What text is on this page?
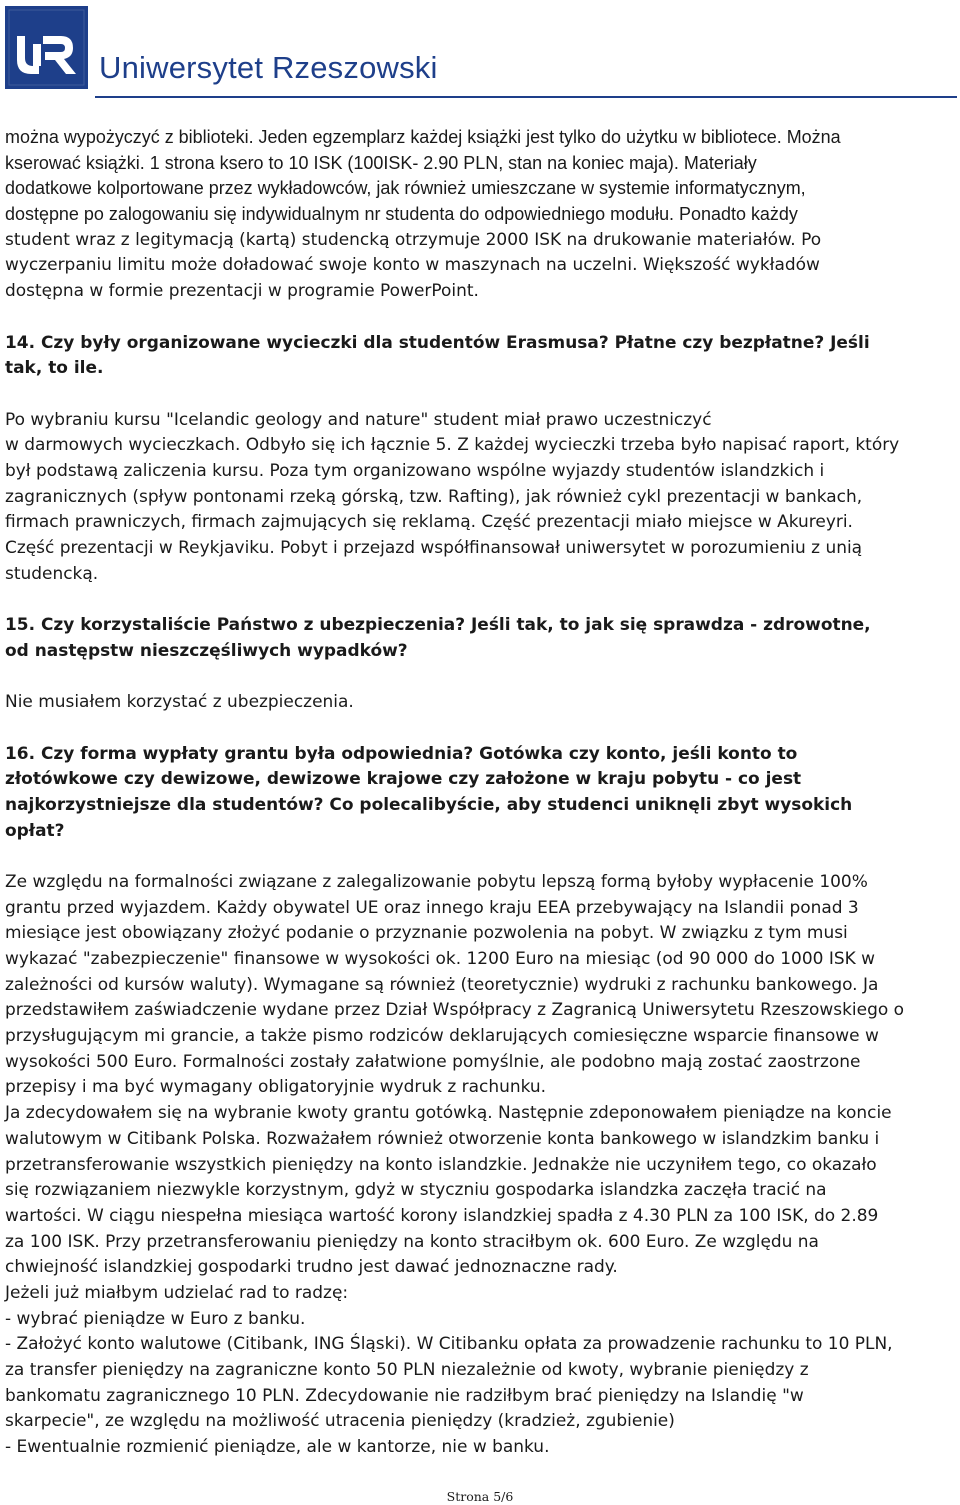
Uniwersytet Rzeszowski
można wypożyczyć z biblioteki. Jeden egzemplarz każdej książki jest tylko do użytku w bibliotece. Można
kserować książki. 1 strona ksero to 10 ISK (100ISK- 2.90 PLN, stan na koniec maja). Materiały
dodatkowe kolportowane przez wykładowców, jak również umieszczane w systemie informatycznym,
dostępne po zalogowaniu się indywidualnym nr studenta do odpowiedniego modułu. Ponadto każdy
student wraz z legitymacją (kartą) studencką otrzymuje 2000 ISK na drukowanie materiałów. Po
wyczerpaniu limitu może doładować swoje konto w maszynach na uczelni. Większość wykładów
dostępna w formie prezentacji w programie PowerPoint.
14. Czy były organizowane wycieczki dla studentów Erasmusa? Płatne czy bezpłatne? Jeśli
tak, to ile.
Po wybraniu kursu "Icelandic geology and nature" student miał prawo uczestniczyć
w darmowych wycieczkach. Odbyło się ich łącznie 5. Z każdej wycieczki trzeba było napisać raport, który
był podstawą zaliczenia kursu. Poza tym organizowano wspólne wyjazdy studentów islandzkich i
zagranicznych (spływ pontonami rzeką górską, tzw. Rafting), jak również cykl prezentacji w bankach,
firmach prawniczych, firmach zajmujących się reklamą. Część prezentacji miało miejsce w Akureyri.
Część prezentacji w Reykjaviku. Pobyt i przejazd współfinansował uniwersytet w porozumieniu z unią
studencką.
15. Czy korzystaliście Państwo z ubezpieczenia? Jeśli tak, to jak się sprawdza - zdrowotne,
od następstw nieszczęśliwych wypadków?
Nie musiałem korzystać z ubezpieczenia.
16. Czy forma wypłaty grantu była odpowiednia? Gotówka czy konto, jeśli konto to
złotówkowe czy dewizowe, dewizowe krajowe czy założone w kraju pobytu - co jest
najkorzystniejsze dla studentów? Co polecalibyście, aby studenci uniknęli zbyt wysokich
opłat?
Ze względu na formalności związane z zalegalizowanie pobytu lepszą formą byłoby wypłacenie 100%
grantu przed wyjazdem. Każdy obywatel UE oraz innego kraju EEA przebywający na Islandii ponad 3
miesiące jest obowiązany złożyć podanie o przyznanie pozwolenia na pobyt. W związku z tym musi
wykazać "zabezpieczenie" finansowe w wysokości ok. 1200 Euro na miesiąc (od 90 000 do 1000 ISK w
zależności od kursów waluty). Wymagane są również (teoretycznie) wydruki z rachunku bankowego. Ja
przedstawiłem zaświadczenie wydane przez Dział Współpracy z Zagranicą Uniwersytetu Rzeszowskiego o
przysługującym mi grancie, a także pismo rodziców deklarujących comiesięczne wsparcie finansowe w
wysokości 500 Euro. Formalności zostały załatwione pomyślnie, ale podobno mają zostać zaostrzone
przepisy i ma być wymagany obligatoryjnie wydruk z rachunku.
Ja zdecydowałem się na wybranie kwoty grantu gotówką. Następnie zdeponowałem pieniądze na koncie
walutowym w Citibank Polska. Rozważałem również otworzenie konta bankowego w islandzkim banku i
przetransferowanie wszystkich pieniędzy na konto islandzkie. Jednakże nie uczyniłem tego, co okazało
się rozwiązaniem niezwykle korzystnym, gdyż w styczniu gospodarka islandzka zaczęła tracić na
wartości. W ciągu niespełna miesiąca wartość korony islandzkiej spadła z 4.30 PLN za 100 ISK, do 2.89
za 100 ISK. Przy przetransferowaniu pieniędzy na konto straciłbym ok. 600 Euro. Ze względu na
chwiejność islandzkiej gospodarki trudno jest dawać jednoznaczne rady.
Jeżeli już miałbym udzielać rad to radzę:
- wybrać pieniądze w Euro z banku.
- Założyć konto walutowe (Citibank, ING Śląski). W Citibanku opłata za prowadzenie rachunku to 10 PLN,
za transfer pieniędzy na zagraniczne konto 50 PLN niezależnie od kwoty, wybranie pieniędzy z
bankomatu zagranicznego 10 PLN. Zdecydowanie nie radziłbym brać pieniędzy na Islandię "w
skarpecie", ze względu na możliwość utracenia pieniędzy (kradzież, zgubienie)
- Ewentualnie rozmienić pieniądze, ale w kantorze, nie w banku.
Strona 5/6
